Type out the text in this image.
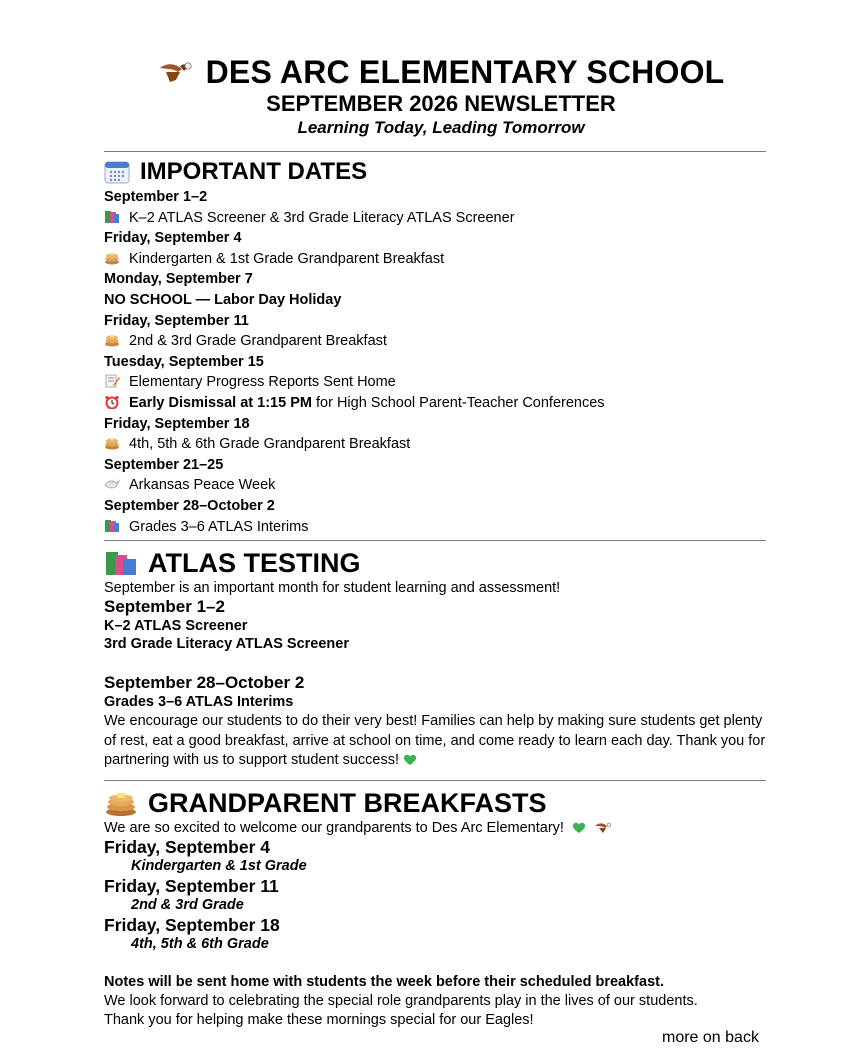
DES ARC ELEMENTARY SCHOOL
SEPTEMBER 2026 NEWSLETTER
Learning Today, Leading Tomorrow
IMPORTANT DATES
September 1–2
K–2 ATLAS Screener & 3rd Grade Literacy ATLAS Screener
Friday, September 4
Kindergarten & 1st Grade Grandparent Breakfast
Monday, September 7
NO SCHOOL — Labor Day Holiday
Friday, September 11
2nd & 3rd Grade Grandparent Breakfast
Tuesday, September 15
Elementary Progress Reports Sent Home
Early Dismissal at 1:15 PM for High School Parent-Teacher Conferences
Friday, September 18
4th, 5th & 6th Grade Grandparent Breakfast
September 21–25
Arkansas Peace Week
September 28–October 2
Grades 3–6 ATLAS Interims
ATLAS TESTING
September is an important month for student learning and assessment!
September 1–2
K–2 ATLAS Screener
3rd Grade Literacy ATLAS Screener
September 28–October 2
Grades 3–6 ATLAS Interims
We encourage our students to do their very best! Families can help by making sure students get plenty of rest, eat a good breakfast, arrive at school on time, and come ready to learn each day. Thank you for partnering with us to support student success!
GRANDPARENT BREAKFASTS
We are so excited to welcome our grandparents to Des Arc Elementary!
Friday, September 4
Kindergarten & 1st Grade
Friday, September 11
2nd & 3rd Grade
Friday, September 18
4th, 5th & 6th Grade
Notes will be sent home with students the week before their scheduled breakfast.
We look forward to celebrating the special role grandparents play in the lives of our students.
Thank you for helping make these mornings special for our Eagles!
more on back
